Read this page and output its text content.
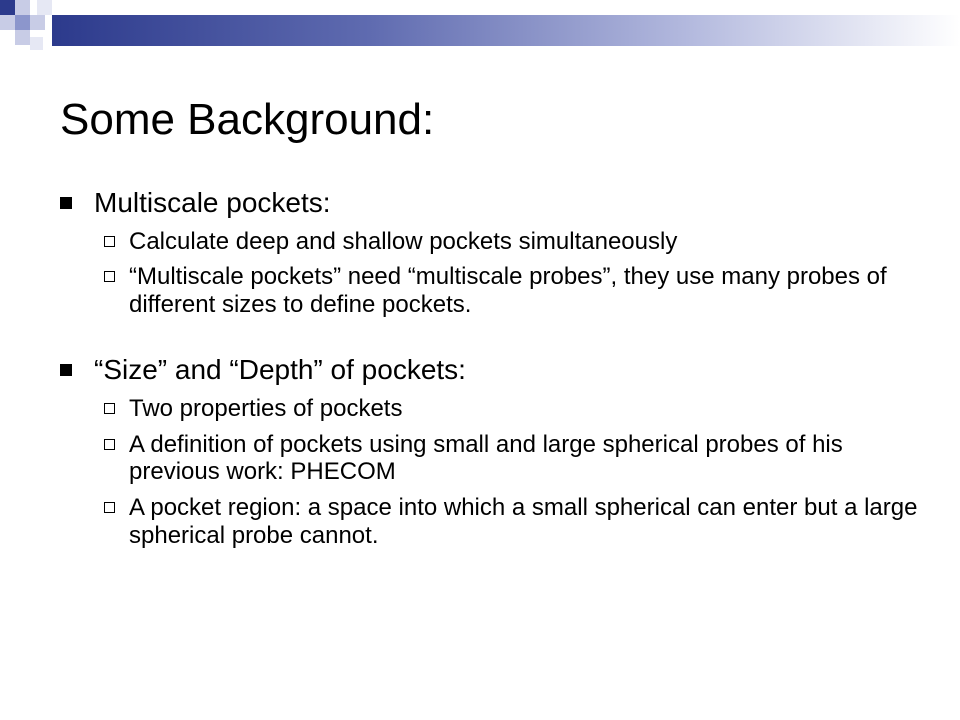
Some Background:
Multiscale pockets:
Calculate deep and shallow pockets simultaneously
“Multiscale pockets” need “multiscale probes”, they use many probes of different sizes to define pockets.
“Size” and “Depth” of pockets:
Two properties of pockets
A definition of pockets using small and large spherical probes of his previous work: PHECOM
A pocket region: a space into which a small spherical can enter but a large spherical probe cannot.
